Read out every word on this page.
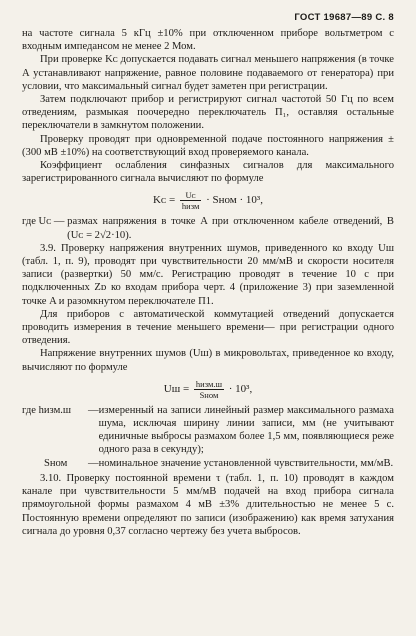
ГОСТ 19687—89 С. 8

на частоте сигнала 5 кГц ±10% при отключенном приборе вольтметром с входным импедансом не менее 2 Мом.

При проверке Kᴄ допускается подавать сигнал меньшего напряжения (в точке A устанавливают напряжение, равное половине подаваемого от генератора) при условии, что максимальный сигнал будет заметен при регистрации.

Затем подключают прибор и регистрируют сигнал частотой 50 Гц по всем отведениям, размыкая поочередно переключатель П₁, оставляя остальные переключатели в замкнутом положении.

Проверку проводят при одновременной подаче постоянного напряжения ±(300 мВ ±10%) на соответствующий вход проверяемого канала.

Коэффициент ослабления синфазных сигналов для максимального зарегистрированного сигнала вычисляют по формуле

Kᴄ = $\frac{\text{Uᴄ}}{\text{hизм}}$ · Sном · 10³,
где Uᴄ — размах напряжения в точке A при отключенном кабеле отведений, B (Uᴄ = 2√2·10).

3.9. Проверку напряжения внутренних шумов, приведенного ко входу Uш (табл. 1, п. 9), проводят при чувствительности 20 мм/мВ и скорости носителя записи (развертки) 50 мм/с. Регистрацию проводят в течение 10 с при подключенных Zᴅ ко входам прибора черт. 4 (приложение 3) при заземленной точке A и разомкнутом переключателе П1.

Для приборов с автоматической коммутацией отведений допускается проводить измерения в течение меньшего времени— при регистрации одного отведения.

Напряжение внутренних шумов (Uш) в микровольтах, приведенное ко входу, вычисляют по формуле

Uш = $\frac{\text{hизм.ш}}{\text{Sном}} \cdot 10^3$,
где hизм.ш	— измеренный на записи линейный размер максимального размаха шума, исключая ширину линии записи, мм (не учитывают единичные выбросы размахом более 1,5 мм, появляющиеся реже одного раза в секунду);
Sном	— номинальное значение установленной чувствительности, мм/мВ.

3.10. Проверку постоянной времени τ (табл. 1, п. 10) проводят в каждом канале при чувствительности 5 мм/мВ подачей на вход прибора сигнала прямоугольной формы размахом 4 мВ ±3% длительностью не менее 5 с. Постоянную времени определяют по записи (изображению) как время затухания сигнала до уровня 0,37 согласно чертежу без учета выбросов.
